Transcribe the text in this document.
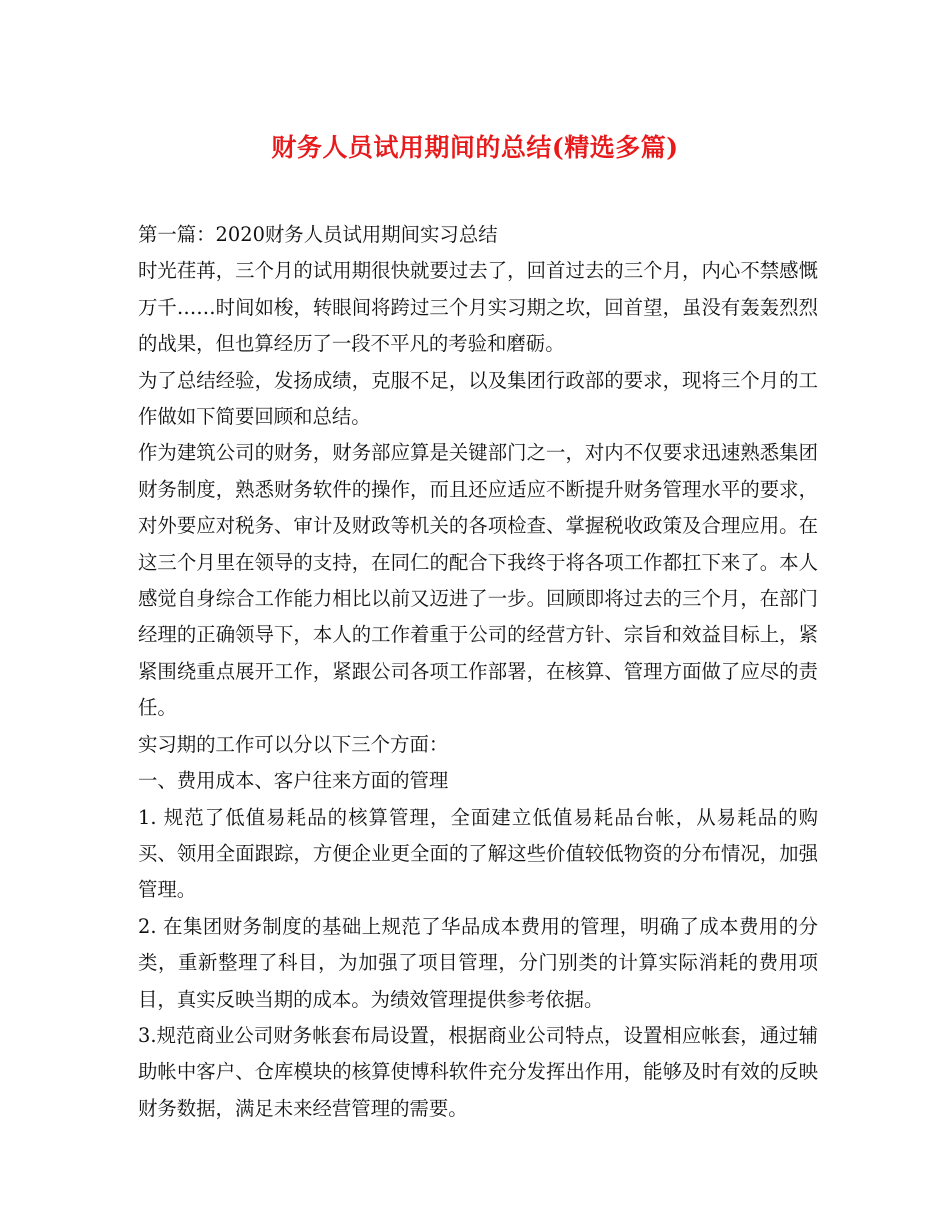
财务人员试用期间的总结(精选多篇)

第一篇：2020财务人员试用期间实习总结

时光荏苒，三个月的试用期很快就要过去了，回首过去的三个月，内心不禁感慨万千……时间如梭，转眼间将跨过三个月实习期之坎，回首望，虽没有轰轰烈烈的战果，但也算经历了一段不平凡的考验和磨砺。

为了总结经验，发扬成绩，克服不足，以及集团行政部的要求，现将三个月的工作做如下简要回顾和总结。

作为建筑公司的财务，财务部应算是关键部门之一，对内不仅要求迅速熟悉集团财务制度，熟悉财务软件的操作，而且还应适应不断提升财务管理水平的要求，对外要应对税务、审计及财政等机关的各项检查、掌握税收政策及合理应用。在这三个月里在领导的支持，在同仁的配合下我终于将各项工作都扛下来了。本人感觉自身综合工作能力相比以前又迈进了一步。回顾即将过去的三个月，在部门经理的正确领导下，本人的工作着重于公司的经营方针、宗旨和效益目标上，紧紧围绕重点展开工作，紧跟公司各项工作部署，在核算、管理方面做了应尽的责任。

实习期的工作可以分以下三个方面：

一、费用成本、客户往来方面的管理

1. 规范了低值易耗品的核算管理，全面建立低值易耗品台帐，从易耗品的购买、领用全面跟踪，方便企业更全面的了解这些价值较低物资的分布情况，加强管理。

2. 在集团财务制度的基础上规范了华品成本费用的管理，明确了成本费用的分类，重新整理了科目，为加强了项目管理，分门别类的计算实际消耗的费用项目，真实反映当期的成本。为绩效管理提供参考依据。

3.规范商业公司财务帐套布局设置，根据商业公司特点，设置相应帐套，通过辅助帐中客户、仓库模块的核算使博科软件充分发挥出作用，能够及时有效的反映财务数据，满足未来经营管理的需要。
